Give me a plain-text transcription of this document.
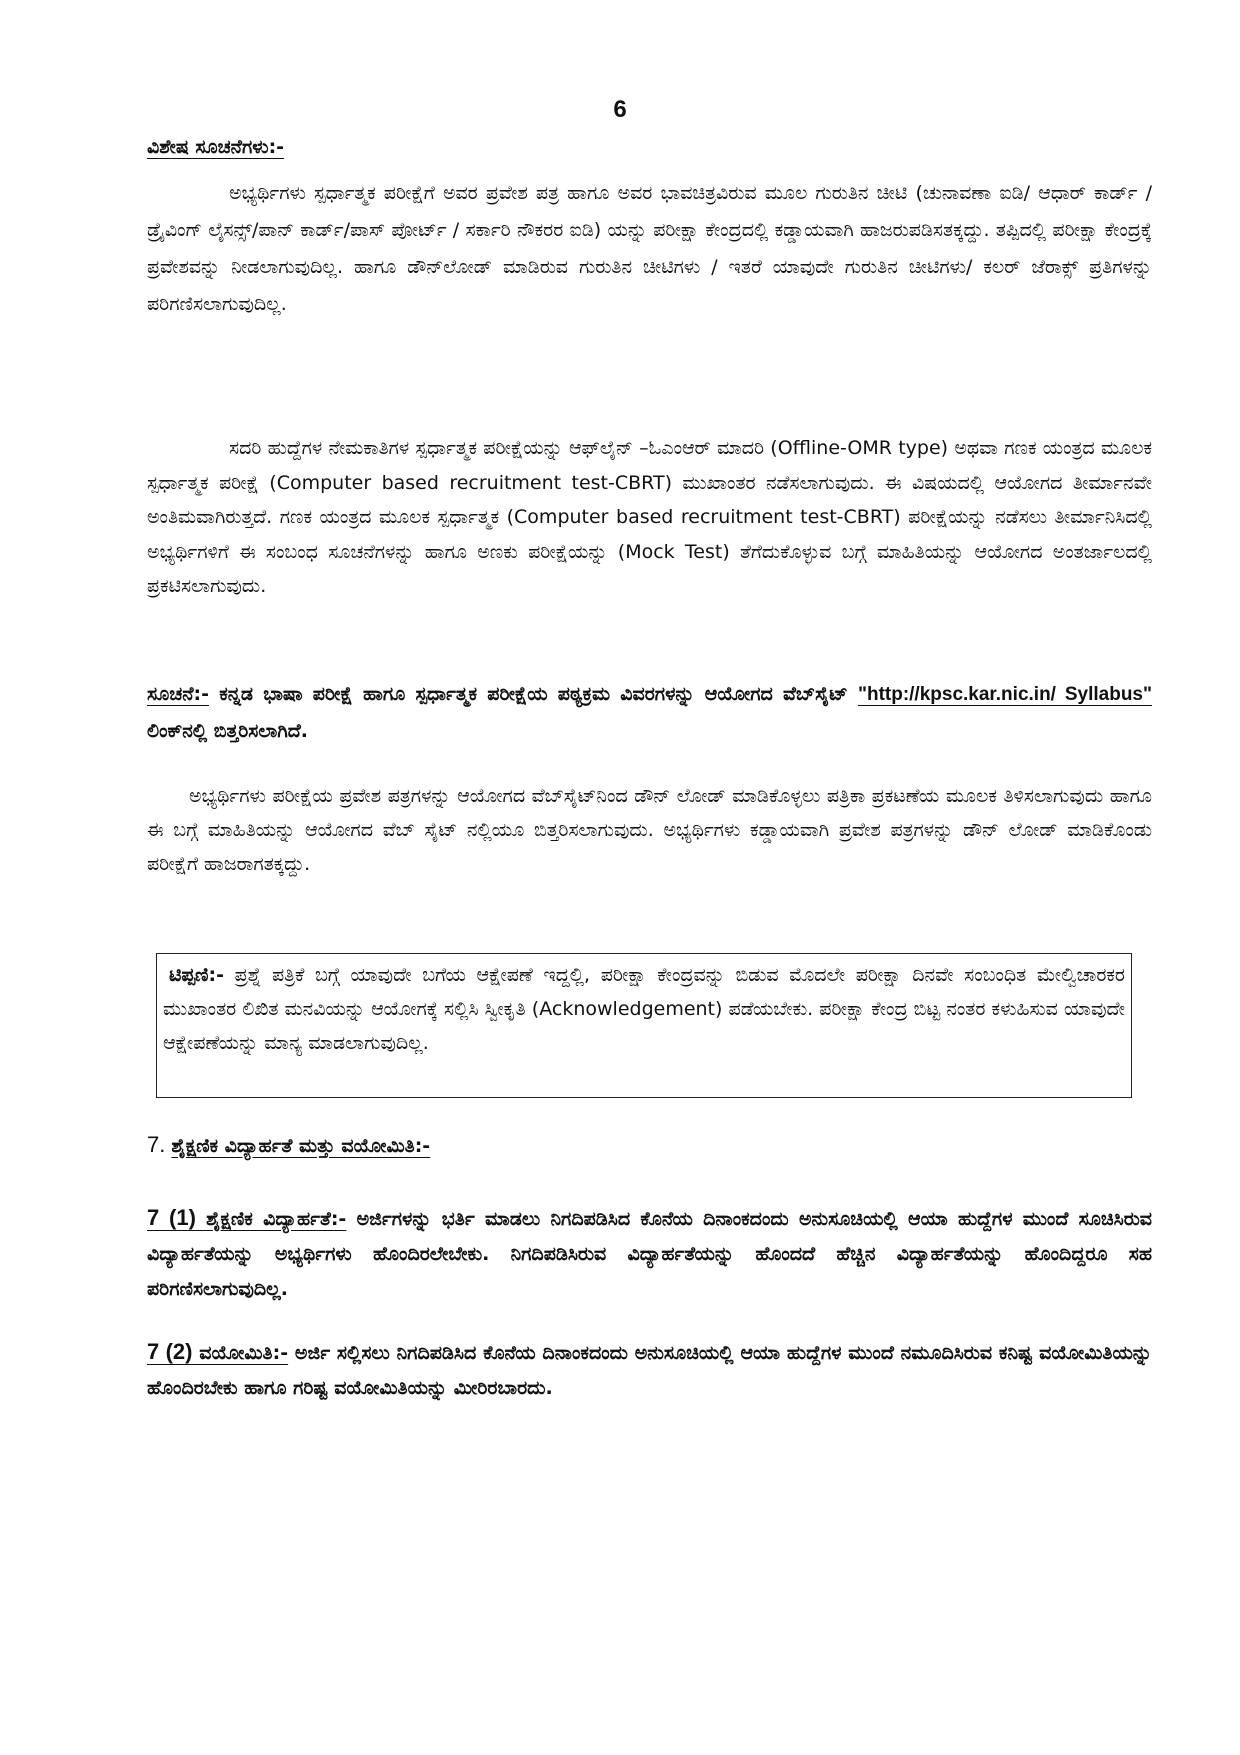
6
ವಿಶೇಷ ಸೂಚನೆಗಳು:-

ಅಭ್ಯರ್ಥಿಗಳು ಸ್ಪರ್ಧಾತ್ಮಕ ಪರೀಕ್ಷೆಗೆ ಅವರ ಪ್ರವೇಶ ಪತ್ರ ಹಾಗೂ ಅವರ ಭಾವಚಿತ್ರವಿರುವ ಮೂಲ ಗುರುತಿನ ಚೀಟಿ (ಚುನಾವಣಾ ಐಡಿ/ ಆಧಾರ್ ಕಾರ್ಡ್ / ಡ್ರೈವಿಂಗ್ ಲೈಸನ್ಸ್/ಪಾನ್ ಕಾರ್ಡ್/ಪಾಸ್ ಪೋರ್ಟ್ / ಸರ್ಕಾರಿ ನೌಕರರ ಐಡಿ) ಯನ್ನು ಪರೀಕ್ಷಾ ಕೇಂದ್ರದಲ್ಲಿ ಕಡ್ಡಾಯವಾಗಿ ಹಾಜರುಪಡಿಸತಕ್ಕದ್ದು. ತಪ್ಪಿದಲ್ಲಿ ಪರೀಕ್ಷಾ ಕೇಂದ್ರಕ್ಕೆ ಪ್ರವೇಶವನ್ನು ನೀಡಲಾಗುವುದಿಲ್ಲ. ಹಾಗೂ ಡೌನ್‌ಲೋಡ್ ಮಾಡಿರುವ ಗುರುತಿನ ಚೀಟಿಗಳು / ಇತರೆ ಯಾವುದೇ ಗುರುತಿನ ಚೀಟಿಗಳು/ ಕಲರ್ ಜೆರಾಕ್ಸ್ ಪ್ರತಿಗಳನ್ನು ಪರಿಗಣಿಸಲಾಗುವುದಿಲ್ಲ.

ಸದರಿ ಹುದ್ದೆಗಳ ನೇಮಕಾತಿಗಳ ಸ್ಪರ್ಧಾತ್ಮಕ ಪರೀಕ್ಷೆಯನ್ನು ಆಫ್‌ಲೈನ್ –ಓಎಂಆರ್ ಮಾದರಿ (Offline-OMR type) ಅಥವಾ ಗಣಕ ಯಂತ್ರದ ಮೂಲಕ ಸ್ಪರ್ಧಾತ್ಮಕ ಪರೀಕ್ಷೆ (Computer based recruitment test-CBRT) ಮುಖಾಂತರ ನಡೆಸಲಾಗುವುದು. ಈ ವಿಷಯದಲ್ಲಿ ಆಯೋಗದ ತೀರ್ಮಾನವೇ ಅಂತಿಮವಾಗಿರುತ್ತದೆ. ಗಣಕ ಯಂತ್ರದ ಮೂಲಕ ಸ್ಪರ್ಧಾತ್ಮಕ (Computer based recruitment test-CBRT) ಪರೀಕ್ಷೆಯನ್ನು ನಡೆಸಲು ತೀರ್ಮಾನಿಸಿದಲ್ಲಿ ಅಭ್ಯರ್ಥಿಗಳಿಗೆ ಈ ಸಂಬಂಧ ಸೂಚನೆಗಳನ್ನು ಹಾಗೂ ಅಣಕು ಪರೀಕ್ಷೆಯನ್ನು (Mock Test) ತೆಗೆದುಕೊಳ್ಳುವ ಬಗ್ಗೆ ಮಾಹಿತಿಯನ್ನು ಆಯೋಗದ ಅಂತರ್ಜಾಲದಲ್ಲಿ ಪ್ರಕಟಿಸಲಾಗುವುದು.

ಸೂಚನೆ:- ಕನ್ನಡ ಭಾಷಾ ಪರೀಕ್ಷೆ ಹಾಗೂ ಸ್ಪರ್ಧಾತ್ಮಕ ಪರೀಕ್ಷೆಯ ಪಠ್ಯಕ್ರಮ ವಿವರಗಳನ್ನು ಆಯೋಗದ ವೆಬ್‌ಸೈಟ್ "http://kpsc.kar.nic.in/ Syllabus" ಲಿಂಕ್‌ನಲ್ಲಿ ಬಿತ್ತರಿಸಲಾಗಿದೆ.

ಅಭ್ಯರ್ಥಿಗಳು ಪರೀಕ್ಷೆಯ ಪ್ರವೇಶ ಪತ್ರಗಳನ್ನು ಆಯೋಗದ ವೆಬ್‌ಸೈಟ್‌ನಿಂದ ಡೌನ್ ಲೋಡ್ ಮಾಡಿಕೊಳ್ಳಲು ಪತ್ರಿಕಾ ಪ್ರಕಟಣೆಯ ಮೂಲಕ ತಿಳಿಸಲಾಗುವುದು ಹಾಗೂ ಈ ಬಗ್ಗೆ ಮಾಹಿತಿಯನ್ನು ಆಯೋಗದ ವೆಬ್ ಸೈಟ್ ನಲ್ಲಿಯೂ ಬಿತ್ತರಿಸಲಾಗುವುದು. ಅಭ್ಯರ್ಥಿಗಳು ಕಡ್ಡಾಯವಾಗಿ ಪ್ರವೇಶ ಪತ್ರಗಳನ್ನು ಡೌನ್ ಲೋಡ್ ಮಾಡಿಕೊಂಡು ಪರೀಕ್ಷೆಗೆ ಹಾಜರಾಗತಕ್ಕದ್ದು.

ಟಿಪ್ಪಣಿ:- ಪ್ರಶ್ನೆ ಪತ್ರಿಕೆ ಬಗ್ಗೆ ಯಾವುದೇ ಬಗೆಯ ಆಕ್ಷೇಪಣೆ ಇದ್ದಲ್ಲಿ, ಪರೀಕ್ಷಾ ಕೇಂದ್ರವನ್ನು ಬಿಡುವ ಮೊದಲೇ ಪರೀಕ್ಷಾ ದಿನವೇ ಸಂಬಂಧಿತ ಮೇಲ್ವಿಚಾರಕರ ಮುಖಾಂತರ ಲಿಖಿತ ಮನವಿಯನ್ನು ಆಯೋಗಕ್ಕೆ ಸಲ್ಲಿಸಿ ಸ್ವೀಕೃತಿ (Acknowledgement) ಪಡೆಯಬೇಕು. ಪರೀಕ್ಷಾ ಕೇಂದ್ರ ಬಿಟ್ಟ ನಂತರ ಕಳುಹಿಸುವ ಯಾವುದೇ ಆಕ್ಷೇಪಣೆಯನ್ನು ಮಾನ್ಯ ಮಾಡಲಾಗುವುದಿಲ್ಲ.

7. ಶೈಕ್ಷಣಿಕ ವಿದ್ಯಾರ್ಹತೆ ಮತ್ತು ವಯೋಮಿತಿ:-

7 (1) ಶೈಕ್ಷಣಿಕ ವಿದ್ಯಾರ್ಹತೆ:- ಅರ್ಜಿಗಳನ್ನು ಭರ್ತಿ ಮಾಡಲು ನಿಗದಿಪಡಿಸಿದ ಕೊನೆಯ ದಿನಾಂಕದಂದು ಅನುಸೂಚಿಯಲ್ಲಿ ಆಯಾ ಹುದ್ದೆಗಳ ಮುಂದೆ ಸೂಚಿಸಿರುವ ವಿದ್ಯಾರ್ಹತೆಯನ್ನು ಅಭ್ಯರ್ಥಿಗಳು ಹೊಂದಿರಲೇಬೇಕು. ನಿಗದಿಪಡಿಸಿರುವ ವಿದ್ಯಾರ್ಹತೆಯನ್ನು ಹೊಂದದೆ ಹೆಚ್ಚಿನ ವಿದ್ಯಾರ್ಹತೆಯನ್ನು ಹೊಂದಿದ್ದರೂ ಸಹ ಪರಿಗಣಿಸಲಾಗುವುದಿಲ್ಲ.

7 (2) ವಯೋಮಿತಿ:- ಅರ್ಜಿ ಸಲ್ಲಿಸಲು ನಿಗದಿಪಡಿಸಿದ ಕೊನೆಯ ದಿನಾಂಕದಂದು ಅನುಸೂಚಿಯಲ್ಲಿ ಆಯಾ ಹುದ್ದೆಗಳ ಮುಂದೆ ನಮೂದಿಸಿರುವ ಕನಿಷ್ಟ ವಯೋಮಿತಿಯನ್ನು ಹೊಂದಿರಬೇಕು ಹಾಗೂ ಗರಿಷ್ಟ ವಯೋಮಿತಿಯನ್ನು ಮೀರಿರಬಾರದು.
